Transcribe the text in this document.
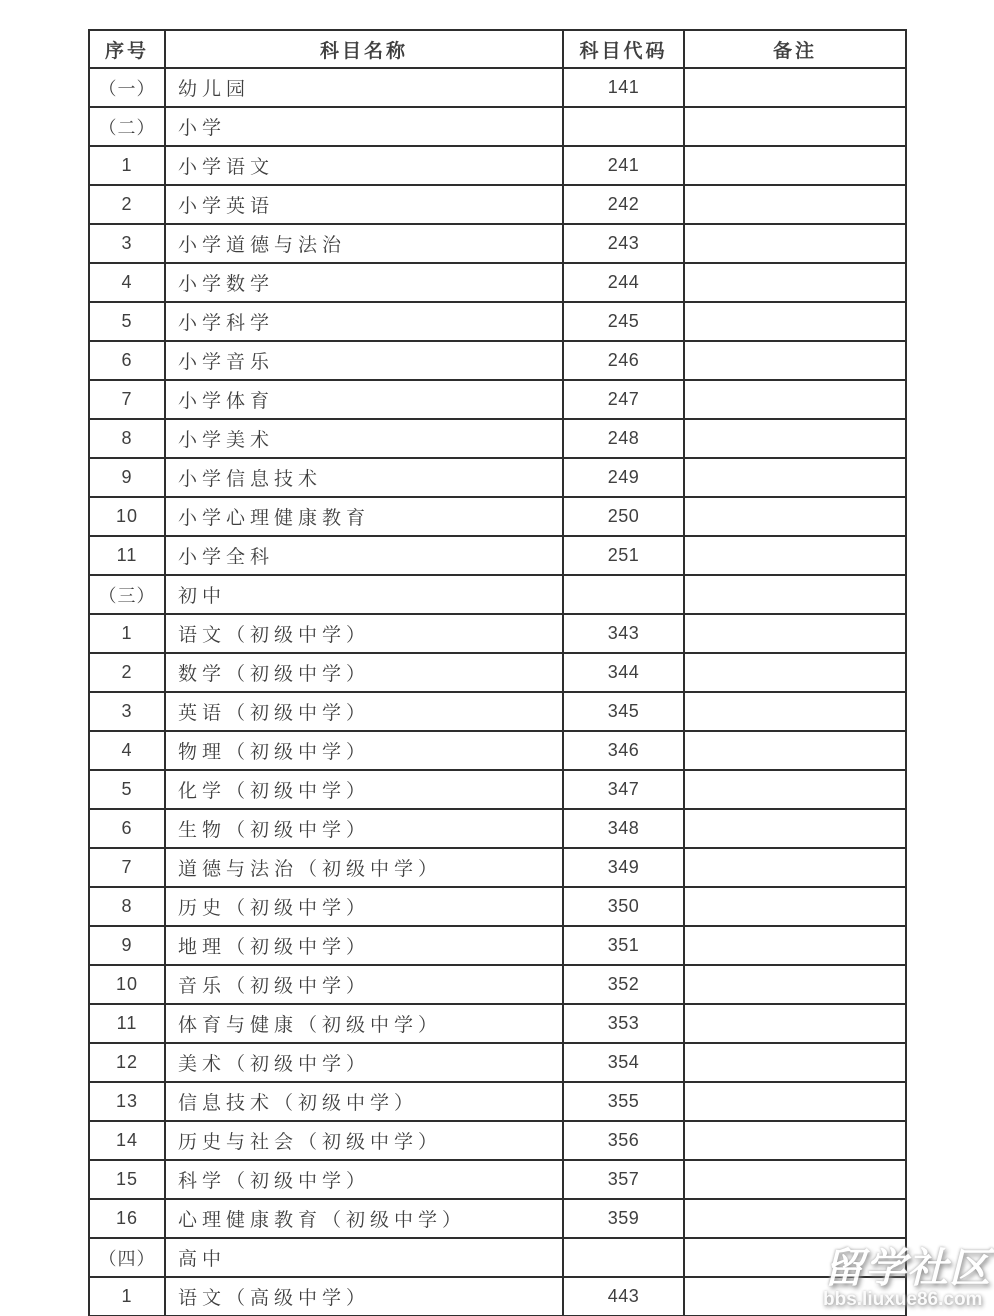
序号	科目名称	科目代码	备注
（一）	幼儿园	141	
（二）	小学		
1	小学语文	241	
2	小学英语	242	
3	小学道德与法治	243	
4	小学数学	244	
5	小学科学	245	
6	小学音乐	246	
7	小学体育	247	
8	小学美术	248	
9	小学信息技术	249	
10	小学心理健康教育	250	
11	小学全科	251	
（三）	初中		
1	语文（初级中学）	343	
2	数学（初级中学）	344	
3	英语（初级中学）	345	
4	物理（初级中学）	346	
5	化学（初级中学）	347	
6	生物（初级中学）	348	
7	道德与法治（初级中学）	349	
8	历史（初级中学）	350	
9	地理（初级中学）	351	
10	音乐（初级中学）	352	
11	体育与健康（初级中学）	353	
12	美术（初级中学）	354	
13	信息技术（初级中学）	355	
14	历史与社会（初级中学）	356	
15	科学（初级中学）	357	
16	心理健康教育（初级中学）	359	
（四）	高中		
1	语文（高级中学）	443	
留学社区
bbs.liuxue86.com
